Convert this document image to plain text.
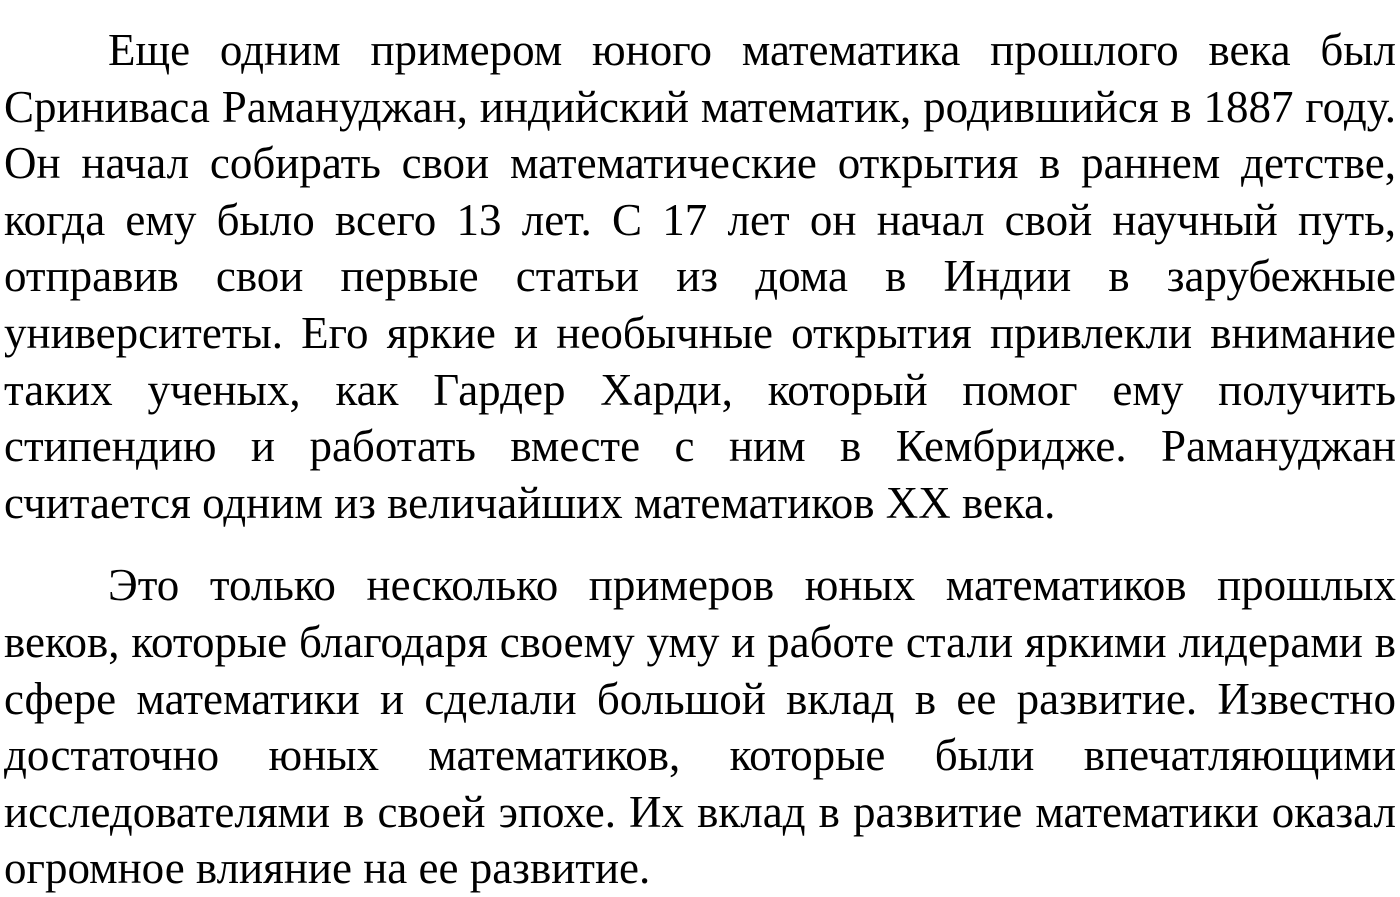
Еще одним примером юного математика прошлого века был Сриниваса Рамануджан, индийский математик, родившийся в 1887 году. Он начал собирать свои математические открытия в раннем детстве, когда ему было всего 13 лет. С 17 лет он начал свой научный путь, отправив свои первые статьи из дома в Индии в зарубежные университеты. Его яркие и необычные открытия привлекли внимание таких ученых, как Гардер Харди, который помог ему получить стипендию и работать вместе с ним в Кембридже. Рамануджан считается одним из величайших математиков XX века.

Это только несколько примеров юных математиков прошлых веков, которые благодаря своему уму и работе стали яркими лидерами в сфере математики и сделали большой вклад в ее развитие. Известно достаточно юных математиков, которые были впечатляющими исследователями в своей эпохе. Их вклад в развитие математики оказал огромное влияние на ее развитие.
